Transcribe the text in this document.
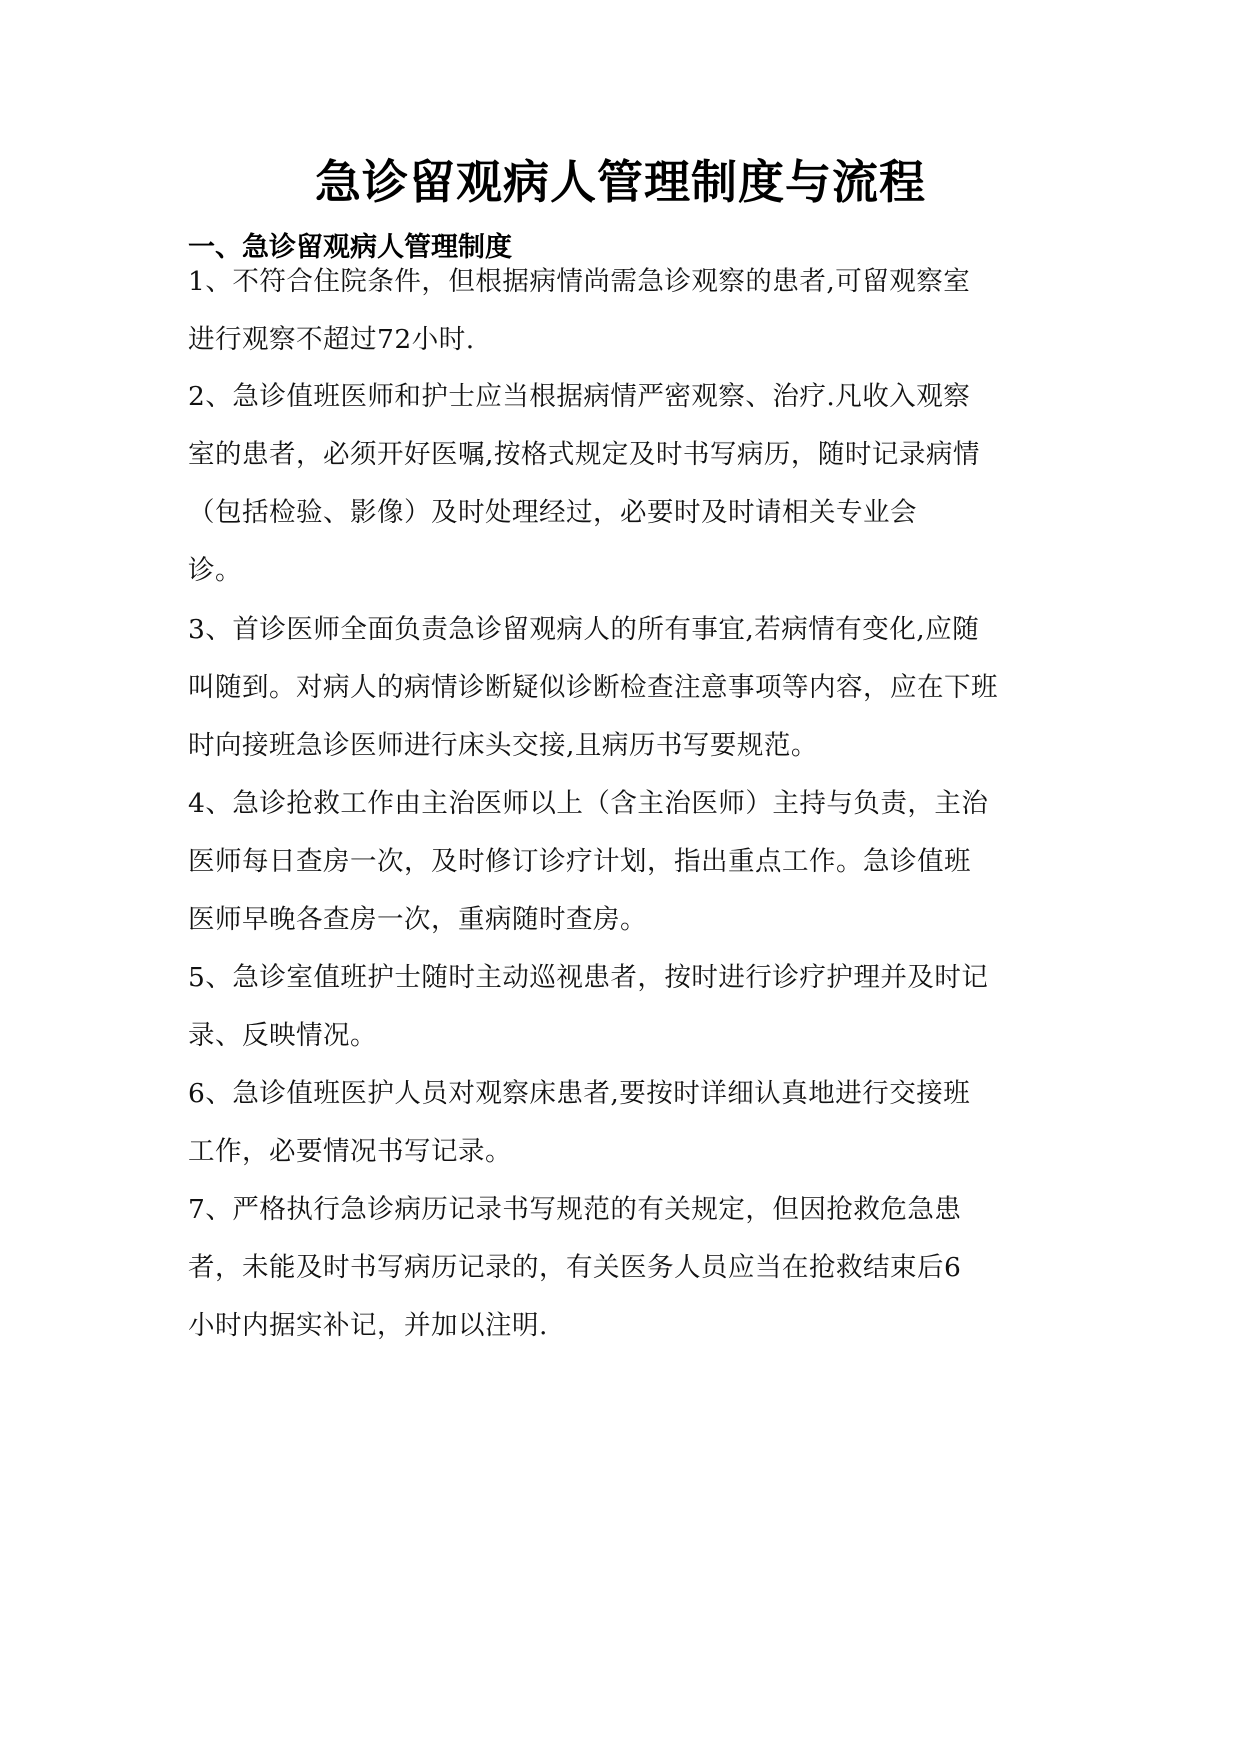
急诊留观病人管理制度与流程
一、急诊留观病人管理制度
1、不符合住院条件，但根据病情尚需急诊观察的患者,可留观察室
进行观察不超过72小时.
2、急诊值班医师和护士应当根据病情严密观察、治疗.凡收入观察
室的患者，必须开好医嘱,按格式规定及时书写病历，随时记录病情
（包括检验、影像）及时处理经过，必要时及时请相关专业会
诊。
3、首诊医师全面负责急诊留观病人的所有事宜,若病情有变化,应随
叫随到。对病人的病情诊断疑似诊断检查注意事项等内容，应在下班
时向接班急诊医师进行床头交接,且病历书写要规范。
4、急诊抢救工作由主治医师以上（含主治医师）主持与负责，主治
医师每日查房一次，及时修订诊疗计划，指出重点工作。急诊值班
医师早晚各查房一次，重病随时查房。
5、急诊室值班护士随时主动巡视患者，按时进行诊疗护理并及时记
录、反映情况。
6、急诊值班医护人员对观察床患者,要按时详细认真地进行交接班
工作，必要情况书写记录。
7、严格执行急诊病历记录书写规范的有关规定，但因抢救危急患
者，未能及时书写病历记录的，有关医务人员应当在抢救结束后6
小时内据实补记，并加以注明.
